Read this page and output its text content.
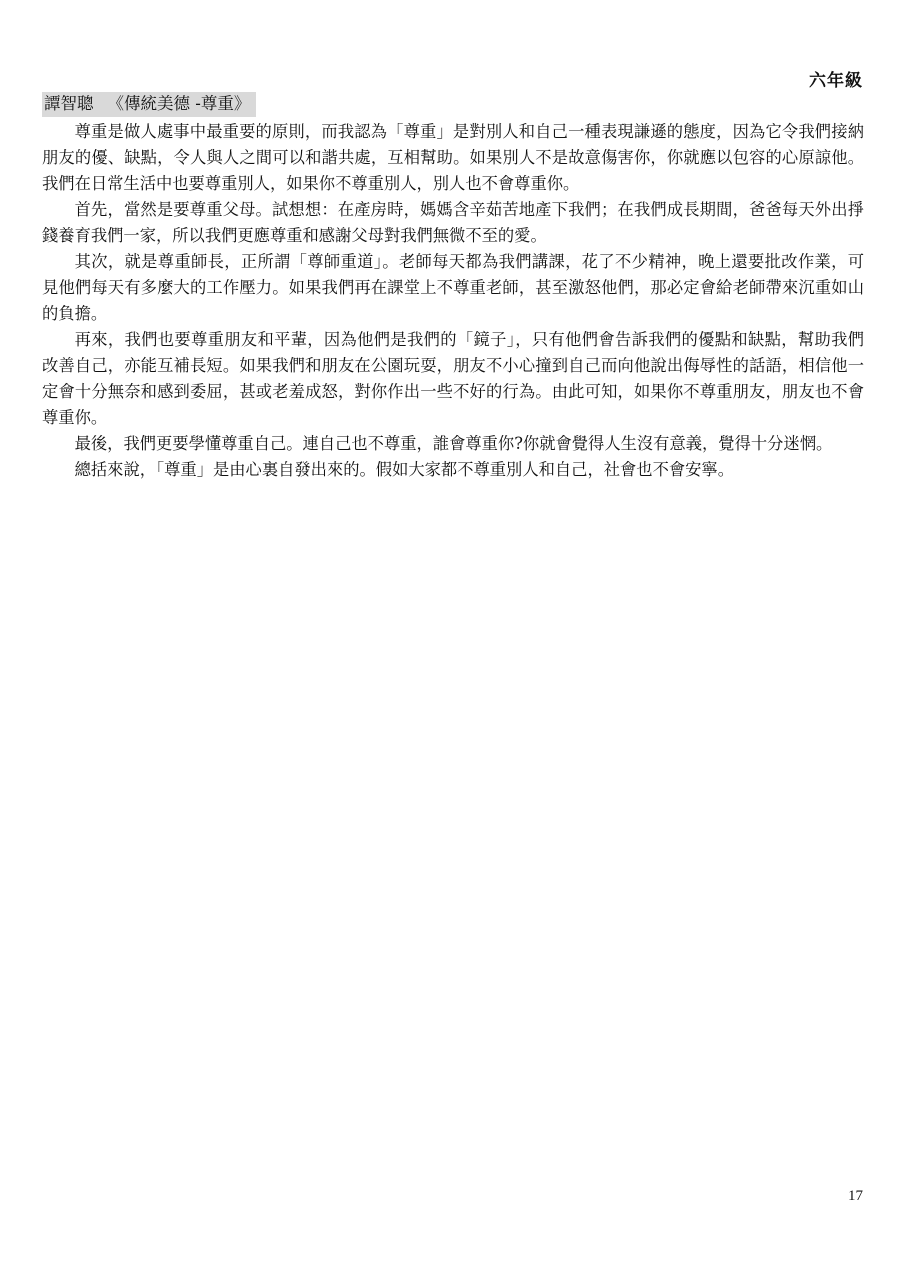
六年級
譚智聰 《傳統美德 -尊重》

尊重是做人處事中最重要的原則，而我認為「尊重」是對別人和自己一種表現謙遜的態度，因為它令我們接納朋友的優、缺點，令人與人之間可以和諧共處，互相幫助。如果別人不是故意傷害你，你就應以包容的心原諒他。我們在日常生活中也要尊重別人，如果你不尊重別人，別人也不會尊重你。

首先，當然是要尊重父母。試想想：在產房時，媽媽含辛茹苦地產下我們；在我們成長期間，爸爸每天外出掙錢養育我們一家，所以我們更應尊重和感謝父母對我們無微不至的愛。

其次，就是尊重師長，正所謂「尊師重道」。老師每天都為我們講課，花了不少精神，晚上還要批改作業，可見他們每天有多麼大的工作壓力。如果我們再在課堂上不尊重老師，甚至激怒他們，那必定會給老師帶來沉重如山的負擔。

再來，我們也要尊重朋友和平輩，因為他們是我們的「鏡子」，只有他們會告訴我們的優點和缺點，幫助我們改善自己，亦能互補長短。如果我們和朋友在公園玩耍，朋友不小心撞到自己而向他說出侮辱性的話語，相信他一定會十分無奈和感到委屈，甚或老羞成怒，對你作出一些不好的行為。由此可知，如果你不尊重朋友，朋友也不會尊重你。

最後，我們更要學懂尊重自己。連自己也不尊重，誰會尊重你?你就會覺得人生沒有意義，覺得十分迷惘。

總括來說，「尊重」是由心裏自發出來的。假如大家都不尊重別人和自己，社會也不會安寧。

17
